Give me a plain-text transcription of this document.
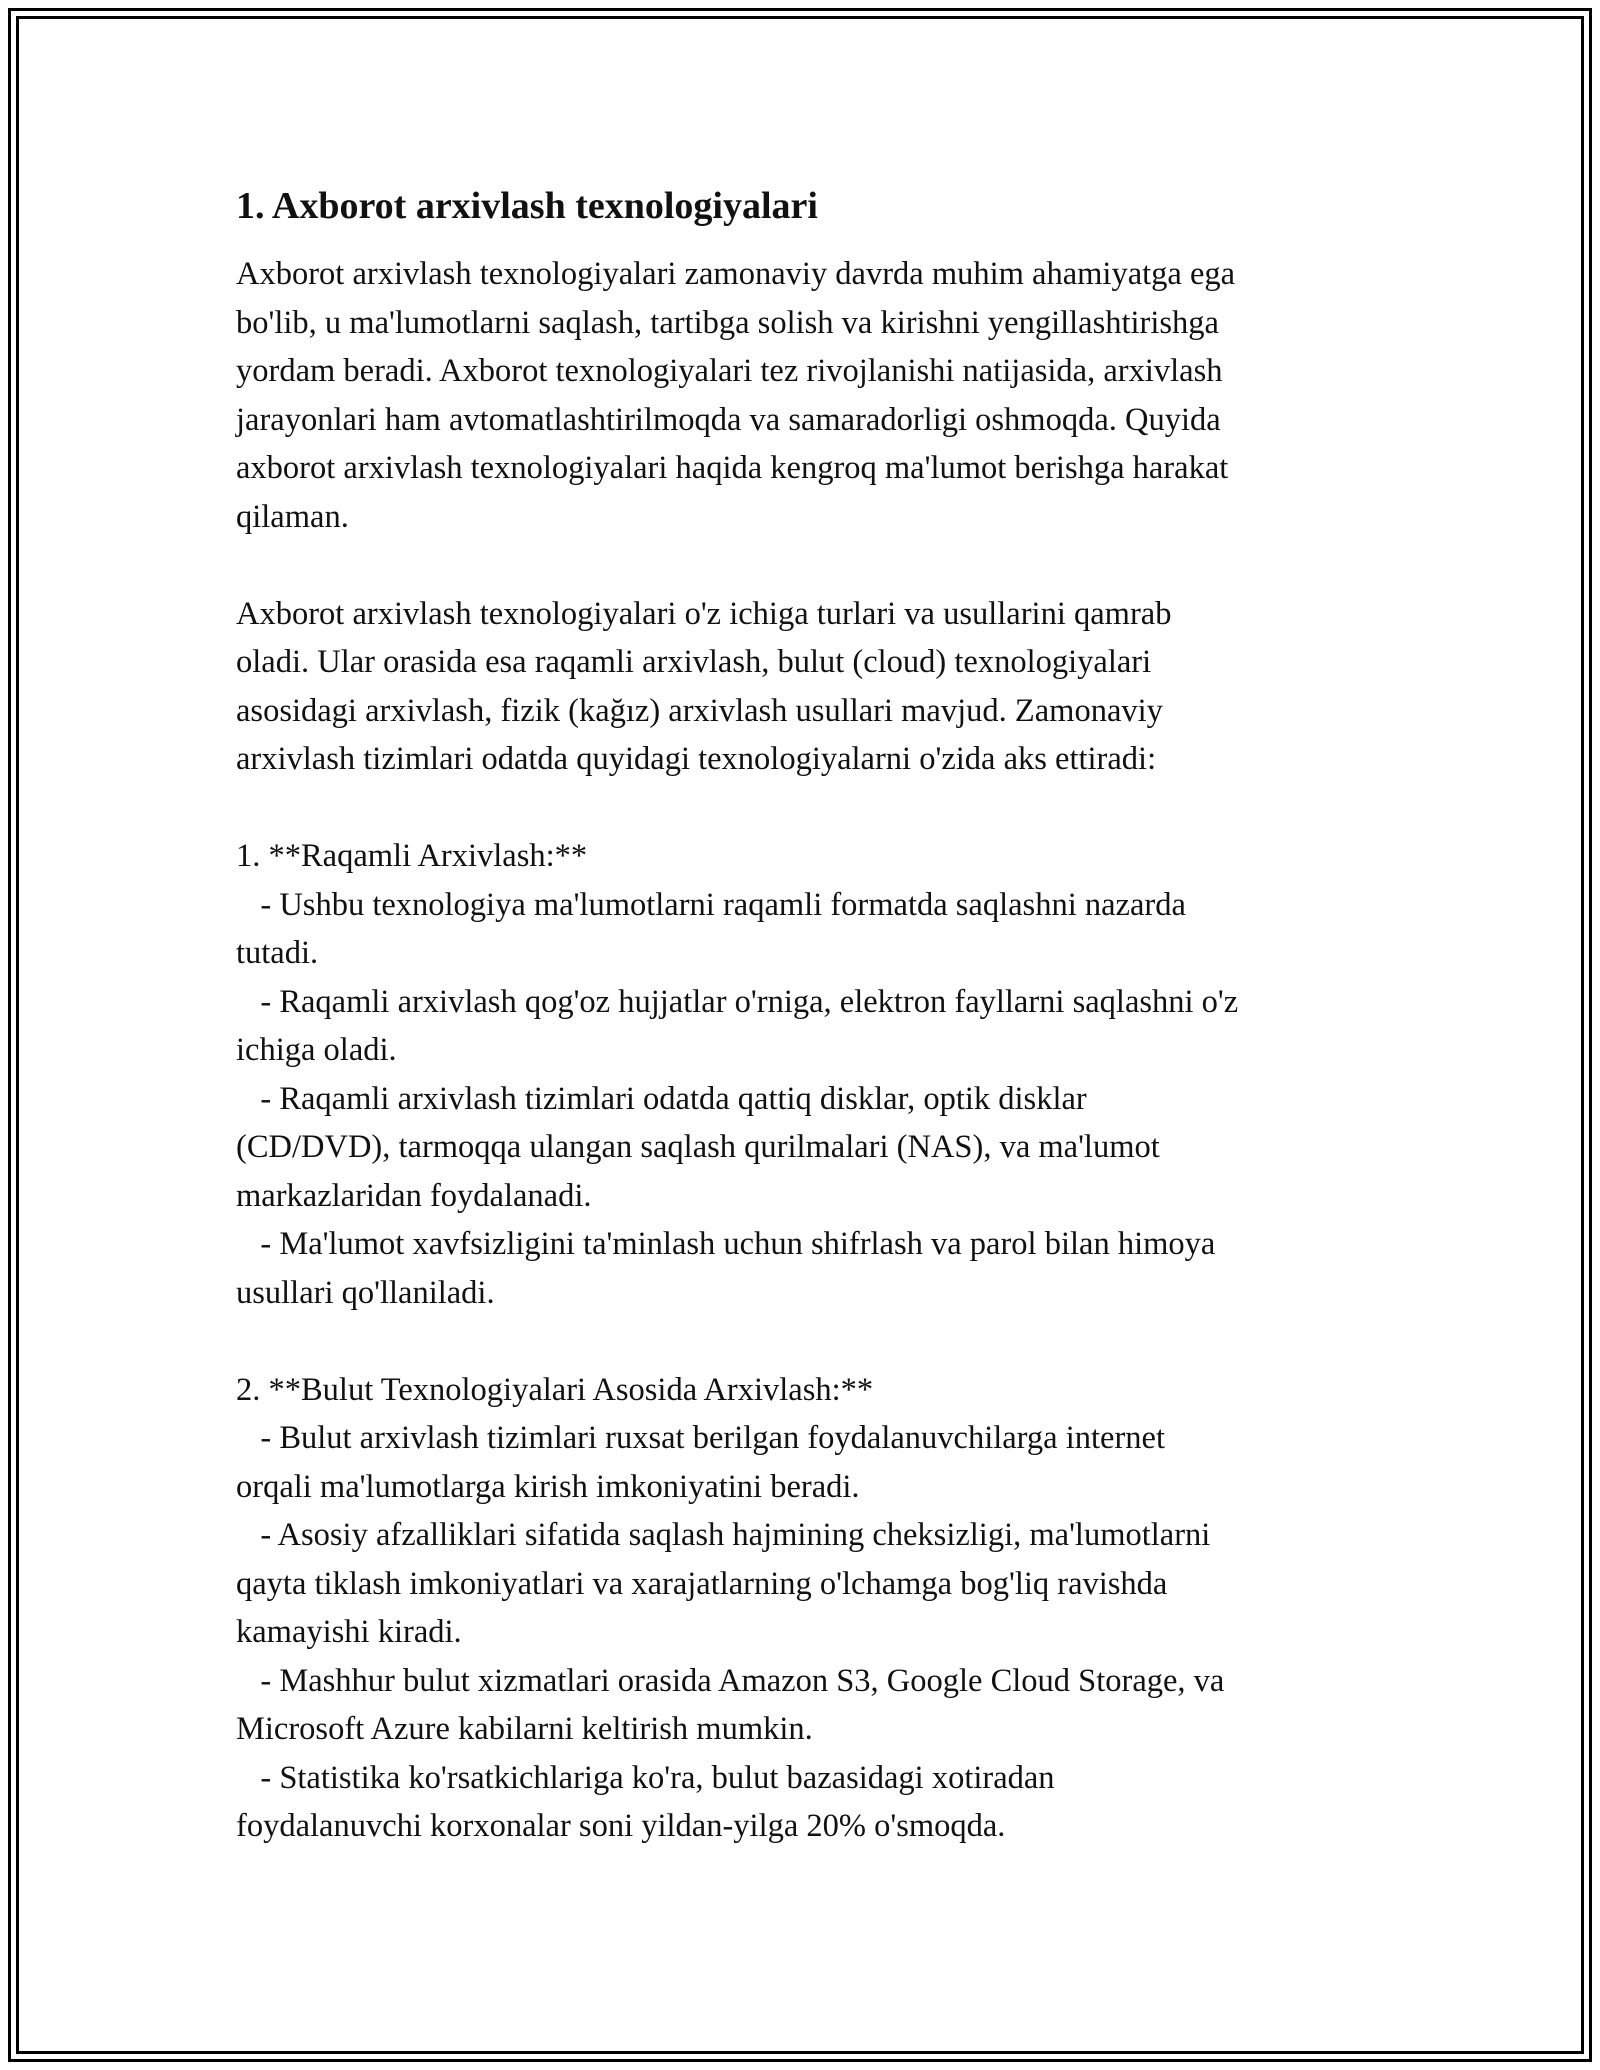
1. Axborot arxivlash texnologiyalari

Axborot arxivlash texnologiyalari zamonaviy davrda muhim ahamiyatga ega

bo'lib, u ma'lumotlarni saqlash, tartibga solish va kirishni yengillashtirishga

yordam beradi. Axborot texnologiyalari tez rivojlanishi natijasida, arxivlash

jarayonlari ham avtomatlashtirilmoqda va samaradorligi oshmoqda. Quyida

axborot arxivlash texnologiyalari haqida kengroq ma'lumot berishga harakat

qilaman.

Axborot arxivlash texnologiyalari o'z ichiga turlari va usullarini qamrab

oladi. Ular orasida esa raqamli arxivlash, bulut (cloud) texnologiyalari

asosidagi arxivlash, fizik (kağız) arxivlash usullari mavjud. Zamonaviy

arxivlash tizimlari odatda quyidagi texnologiyalarni o'zida aks ettiradi:

1. **Raqamli Arxivlash:**

- Ushbu texnologiya ma'lumotlarni raqamli formatda saqlashni nazarda

tutadi.

- Raqamli arxivlash qog'oz hujjatlar o'rniga, elektron fayllarni saqlashni o'z

ichiga oladi.

- Raqamli arxivlash tizimlari odatda qattiq disklar, optik disklar

(CD/DVD), tarmoqqa ulangan saqlash qurilmalari (NAS), va ma'lumot

markazlaridan foydalanadi.

- Ma'lumot xavfsizligini ta'minlash uchun shifrlash va parol bilan himoya

usullari qo'llaniladi.

2. **Bulut Texnologiyalari Asosida Arxivlash:**

- Bulut arxivlash tizimlari ruxsat berilgan foydalanuvchilarga internet

orqali ma'lumotlarga kirish imkoniyatini beradi.

- Asosiy afzalliklari sifatida saqlash hajmining cheksizligi, ma'lumotlarni

qayta tiklash imkoniyatlari va xarajatlarning o'lchamga bog'liq ravishda

kamayishi kiradi.

- Mashhur bulut xizmatlari orasida Amazon S3, Google Cloud Storage, va

Microsoft Azure kabilarni keltirish mumkin.

- Statistika ko'rsatkichlariga ko'ra, bulut bazasidagi xotiradan

foydalanuvchi korxonalar soni yildan-yilga 20% o'smoqda.
